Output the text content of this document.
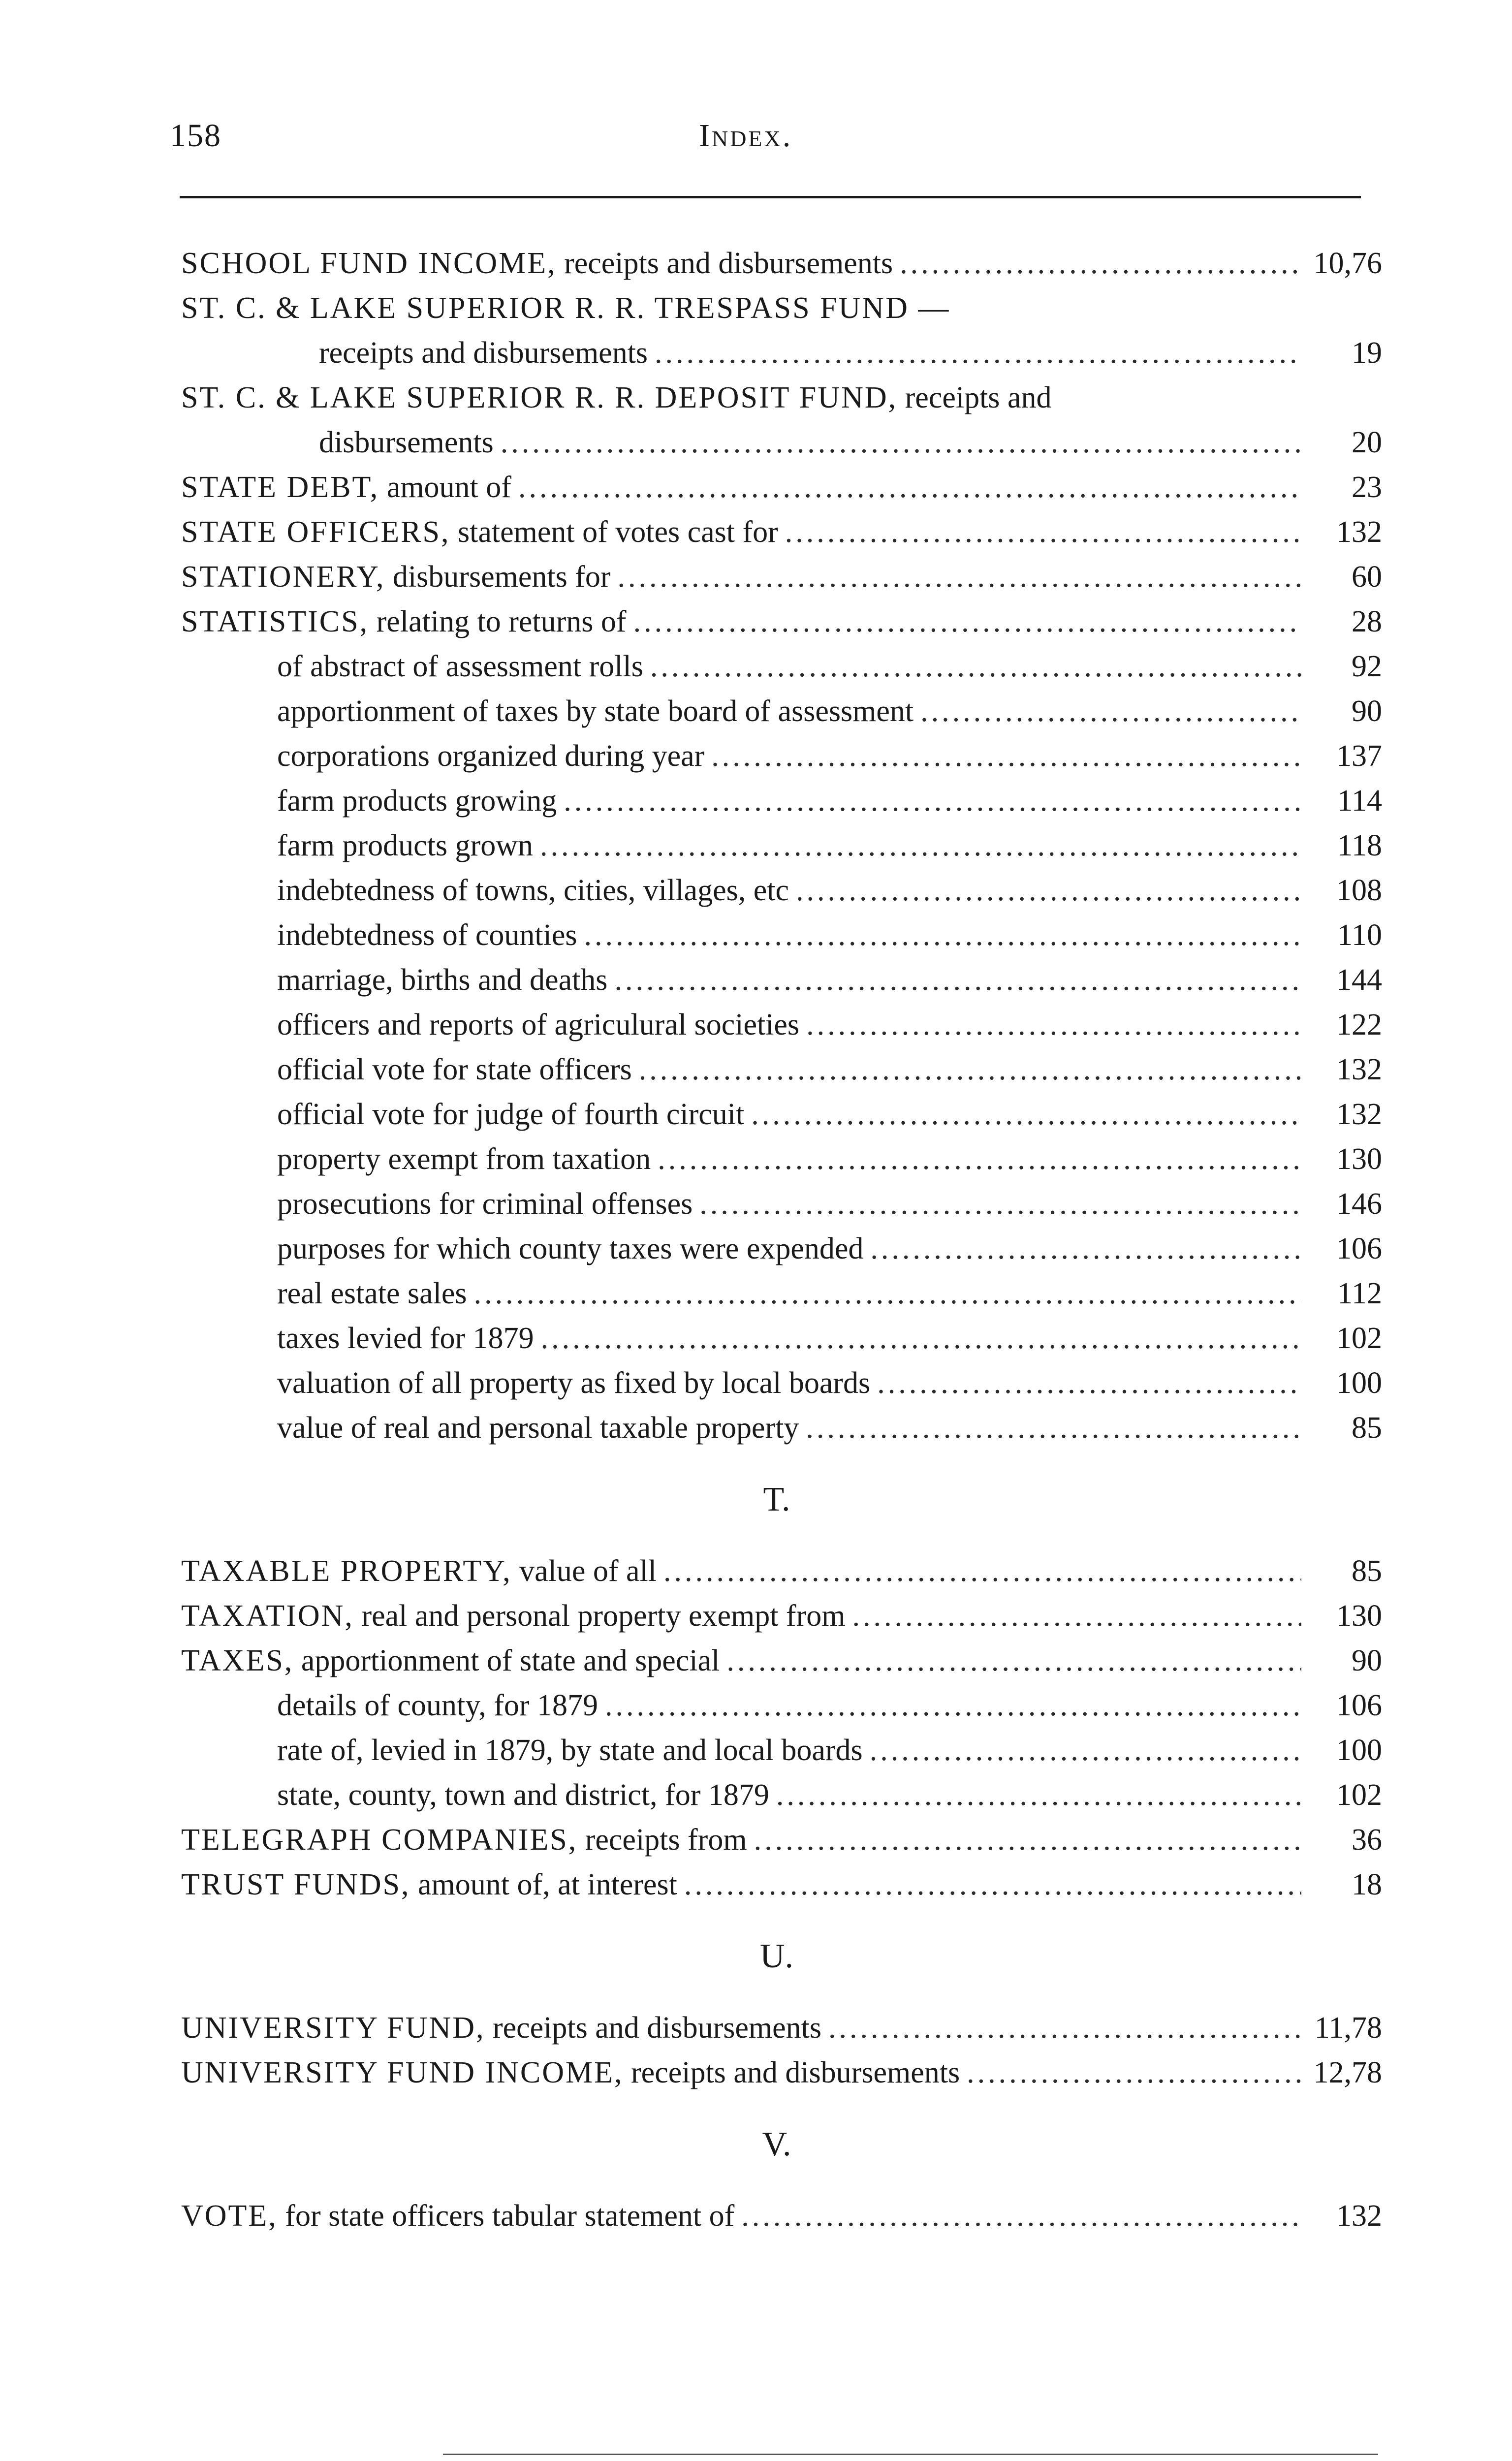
158	Index.
SCHOOL FUND INCOME, receipts and disbursements .....	10,76
ST. C. & LAKE SUPERIOR R. R. TRESPASS FUND —
receipts and disbursements .....	19
ST. C. & LAKE SUPERIOR R. R. DEPOSIT FUND, receipts and
disbursements .....	20
STATE DEBT, amount of .....	23
STATE OFFICERS, statement of votes cast for .....	132
STATIONERY, disbursements for .....	60
STATISTICS, relating to returns of .....	28
of abstract of assessment rolls .....	92
apportionment of taxes by state board of assessment .....	90
corporations organized during year .....	137
farm products growing .....	114
farm products grown .....	118
indebtedness of towns, cities, villages, etc .....	108
indebtedness of counties .....	110
marriage, births and deaths .....	144
officers and reports of agriculural societies .....	122
official vote for state officers .....	132
official vote for judge of fourth circuit .....	132
property exempt from taxation .....	130
prosecutions for criminal offenses .....	146
purposes for which county taxes were expended .....	106
real estate sales .....	112
taxes levied for 1879 .....	102
valuation of all property as fixed by local boards .....	100
value of real and personal taxable property .....	85
T.
TAXABLE PROPERTY, value of all .....	85
TAXATION, real and personal property exempt from .....	130
TAXES, apportionment of state and special .....	90
details of county, for 1879 .....	106
rate of, levied in 1879, by state and local boards .....	100
state, county, town and district, for 1879 .....	102
TELEGRAPH COMPANIES, receipts from .....	36
TRUST FUNDS, amount of, at interest .....	18
U.
UNIVERSITY FUND, receipts and disbursements .....	11,78
UNIVERSITY FUND INCOME, receipts and disbursements .....	12,78
V.
VOTE, for state officers tabular statement of .....	132
